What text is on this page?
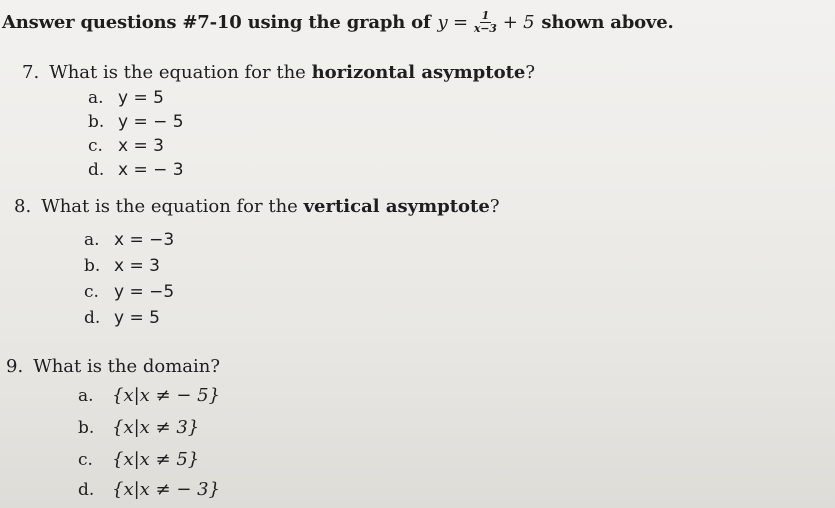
Answer questions #7-10 using the graph of $y = \frac{1}{x-3} + 5$ shown above.
7. What is the equation for the horizontal asymptote?
a. y = 5
b. y = − 5
c. x = 3
d. x = − 3
8. What is the equation for the vertical asymptote?
a. x = −3
b. x = 3
c. y = −5
d. y = 5
9. What is the domain?
a.	{x|x ≠ − 5}
b. {x|x ≠ 3}
c.	{x|x ≠ 5}
d. {x|x ≠ − 3}
